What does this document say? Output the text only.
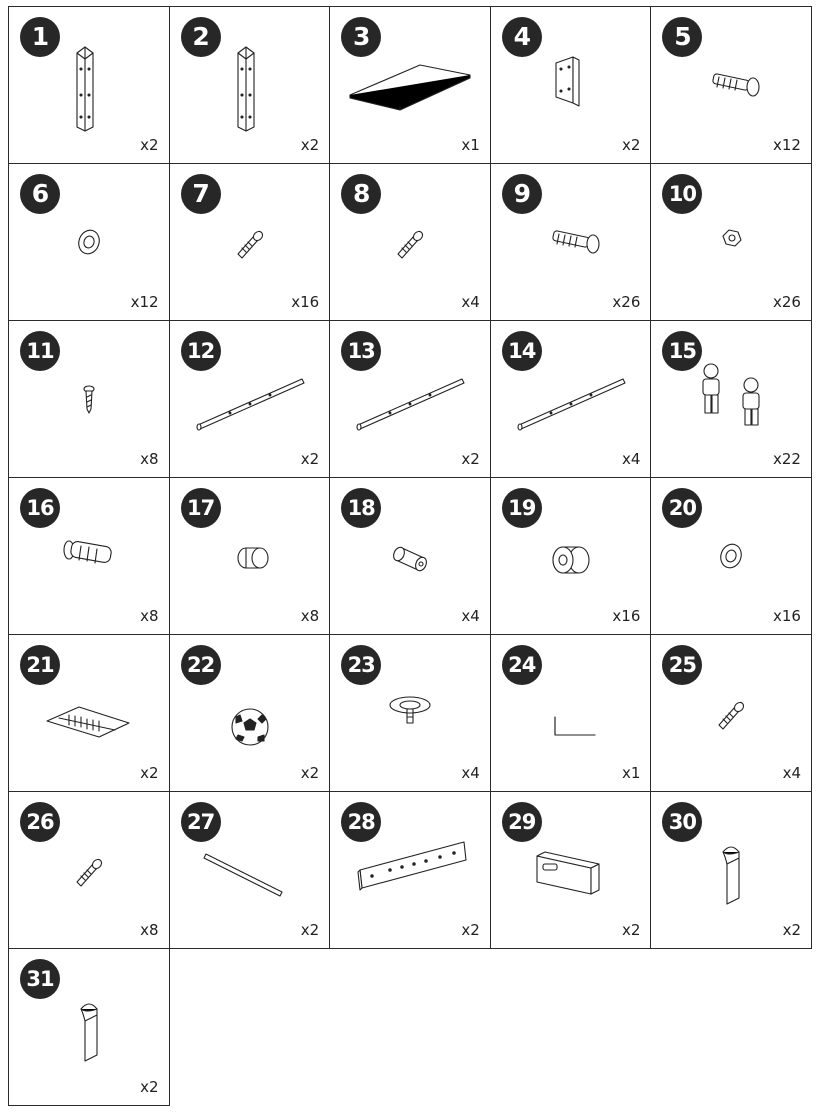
1
x2
2
x2
3
x1
4
x2
5
x12
6
x12
7
x16
8
x4
9
x26
10
x26
11
x8
12
x2
13
x2
14
x4
15
x22
16
x8
17
x8
18
x4
19
x16
20
x16
21
x2
22
x2
23
x4
24
x1
25
x4
26
x8
27
x2
28
x2
29
x2
30
x2
31
x2
